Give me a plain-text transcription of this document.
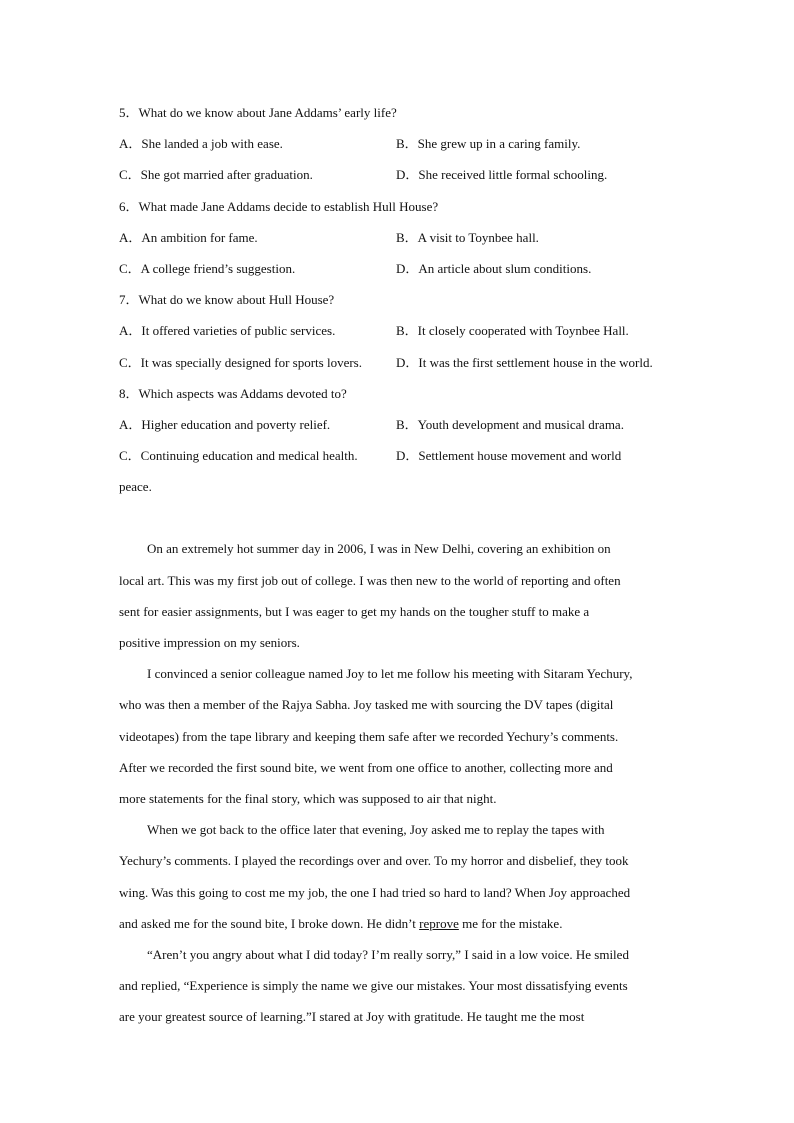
5．What do we know about Jane Addams’ early life?
A．She landed a job with ease.	B．She grew up in a caring family.
C．She got married after graduation.	D．She received little formal schooling.
6．What made Jane Addams decide to establish Hull House?
A．An ambition for fame.	B．A visit to Toynbee hall.
C．A college friend’s suggestion.	D．An article about slum conditions.
7．What do we know about Hull House?
A．It offered varieties of public services.	B．It closely cooperated with Toynbee Hall.
C．It was specially designed for sports lovers.	D．It was the first settlement house in the world.
8．Which aspects was Addams devoted to?
A．Higher education and poverty relief.	B．Youth development and musical drama.
C．Continuing education and medical health.	D．Settlement house movement and world
peace.
On an extremely hot summer day in 2006, I was in New Delhi, covering an exhibition on
local art. This was my first job out of college. I was then new to the world of reporting and often
sent for easier assignments, but I was eager to get my hands on the tougher stuff to make a
positive impression on my seniors.
I convinced a senior colleague named Joy to let me follow his meeting with Sitaram Yechury,
who was then a member of the Rajya Sabha. Joy tasked me with sourcing the DV tapes (digital
videotapes) from the tape library and keeping them safe after we recorded Yechury’s comments.
After we recorded the first sound bite, we went from one office to another, collecting more and
more statements for the final story, which was supposed to air that night.
When we got back to the office later that evening, Joy asked me to replay the tapes with
Yechury’s comments. I played the recordings over and over. To my horror and disbelief, they took
wing. Was this going to cost me my job, the one I had tried so hard to land? When Joy approached
and asked me for the sound bite, I broke down. He didn’t reprove me for the mistake.
“Aren’t you angry about what I did today? I’m really sorry,” I said in a low voice. He smiled
and replied, “Experience is simply the name we give our mistakes. Your most dissatisfying events
are your greatest source of learning.”I stared at Joy with gratitude. He taught me the most
